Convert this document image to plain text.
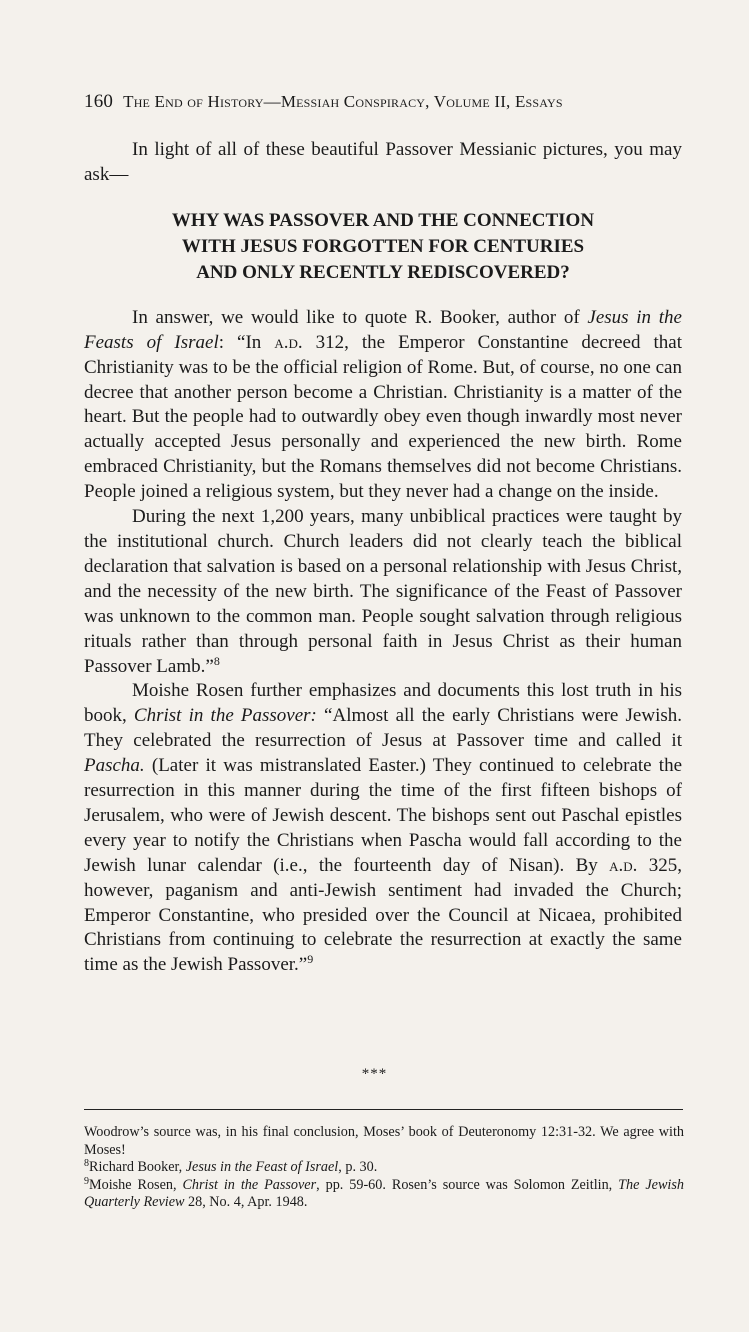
160 The End of History—Messiah Conspiracy, Volume II, Essays

In light of all of these beautiful Passover Messianic pictures, you may ask—

WHY WAS PASSOVER AND THE CONNECTION
WITH JESUS FORGOTTEN FOR CENTURIES
AND ONLY RECENTLY REDISCOVERED?

In answer, we would like to quote R. Booker, author of Jesus in the Feasts of Israel: “In a.d. 312, the Emperor Constantine decreed that Christianity was to be the official religion of Rome. But, of course, no one can decree that another person become a Christian. Christianity is a matter of the heart. But the people had to outwardly obey even though inwardly most never actually accepted Jesus personally and experienced the new birth. Rome embraced Christianity, but the Romans themselves did not become Christians. People joined a religious system, but they never had a change on the inside.

During the next 1,200 years, many unbiblical practices were taught by the institutional church. Church leaders did not clearly teach the biblical declaration that salvation is based on a personal relationship with Jesus Christ, and the necessity of the new birth. The significance of the Feast of Passover was unknown to the common man. People sought salvation through religious rituals rather than through personal faith in Jesus Christ as their human Passover Lamb.”$^8$

Moishe Rosen further emphasizes and documents this lost truth in his book, Christ in the Passover: “Almost all the early Christians were Jewish. They celebrated the resurrection of Jesus at Passover time and called it Pascha. (Later it was mistranslated Easter.) They continued to celebrate the resurrection in this manner during the time of the first fifteen bishops of Jerusalem, who were of Jewish descent. The bishops sent out Paschal epistles every year to notify the Christians when Pascha would fall according to the Jewish lunar calendar (i.e., the fourteenth day of Nisan). By a.d. 325, however, paganism and anti-Jewish sentiment had invaded the Church; Emperor Constantine, who presided over the Council at Nicaea, prohibited Christians from continuing to celebrate the resurrection at exactly the same time as the Jewish Passover.”$^9$

***

Woodrow’s source was, in his final conclusion, Moses’ book of Deuteronomy 12:31-32. We agree with Moses!

$^8$Richard Booker, Jesus in the Feast of Israel, p. 30.

$^9$Moishe Rosen, Christ in the Passover, pp. 59-60. Rosen’s source was Solomon Zeitlin, The Jewish Quarterly Review 28, No. 4, Apr. 1948.
